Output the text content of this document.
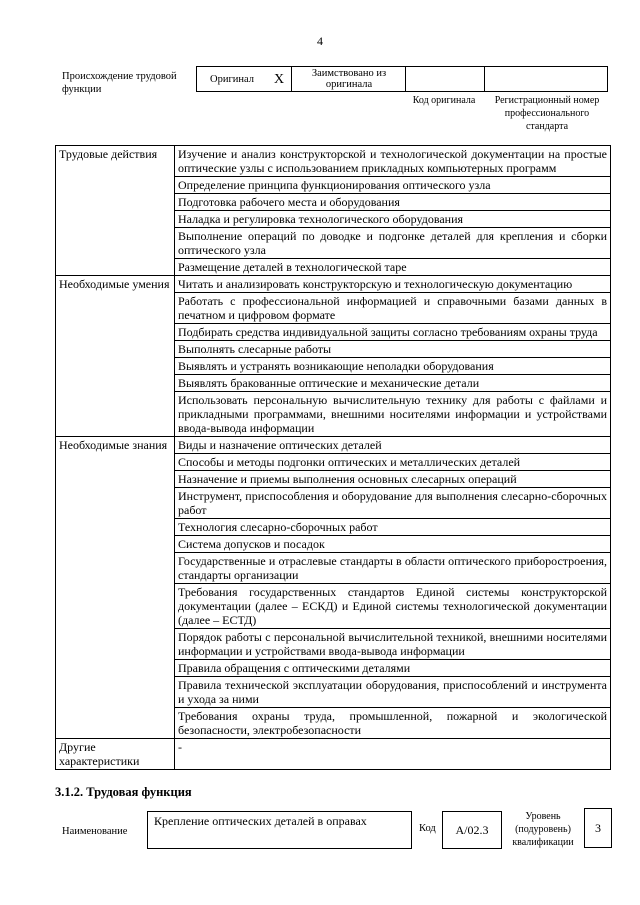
4
Происхождение трудовой функции
Оригинал	X	Заимствовано из оригинала
Код оригинала	Регистрационный номер профессионального стандарта
Трудовые действия	Изучение и анализ конструкторской и технологической документации на простые оптические узлы с использованием прикладных компьютерных программ
	Определение принципа функционирования оптического узла
	Подготовка рабочего места и оборудования
	Наладка и регулировка технологического оборудования
	Выполнение операций по доводке и подгонке деталей для крепления и сборки оптического узла
	Размещение деталей в технологической таре
Необходимые умения	Читать и анализировать конструкторскую и технологическую документацию
	Работать с профессиональной информацией и справочными базами данных в печатном и цифровом формате
	Подбирать средства индивидуальной защиты согласно требованиям охраны труда
	Выполнять слесарные работы
	Выявлять и устранять возникающие неполадки оборудования
	Выявлять бракованные оптические и механические детали
	Использовать персональную вычислительную технику для работы с файлами и прикладными программами, внешними носителями информации и устройствами ввода-вывода информации
Необходимые знания	Виды и назначение оптических деталей
	Способы и методы подгонки оптических и металлических деталей
	Назначение и приемы выполнения основных слесарных операций
	Инструмент, приспособления и оборудование для выполнения слесарно-сборочных работ
	Технология слесарно-сборочных работ
	Система допусков и посадок
	Государственные и отраслевые стандарты в области оптического приборостроения, стандарты организации
	Требования государственных стандартов Единой системы конструкторской документации (далее – ЕСКД) и Единой системы технологической документации (далее – ЕСТД)
	Порядок работы с персональной вычислительной техникой, внешними носителями информации и устройствами ввода-вывода информации
	Правила обращения с оптическими деталями
	Правила технической эксплуатации оборудования, приспособлений и инструмента и ухода за ними
	Требования охраны труда, промышленной, пожарной и экологической безопасности, электробезопасности
Другие характеристики	-
3.1.2. Трудовая функция
Наименование
Крепление оптических деталей в оправах
Код	A/02.3
Уровень (подуровень) квалификации
3
